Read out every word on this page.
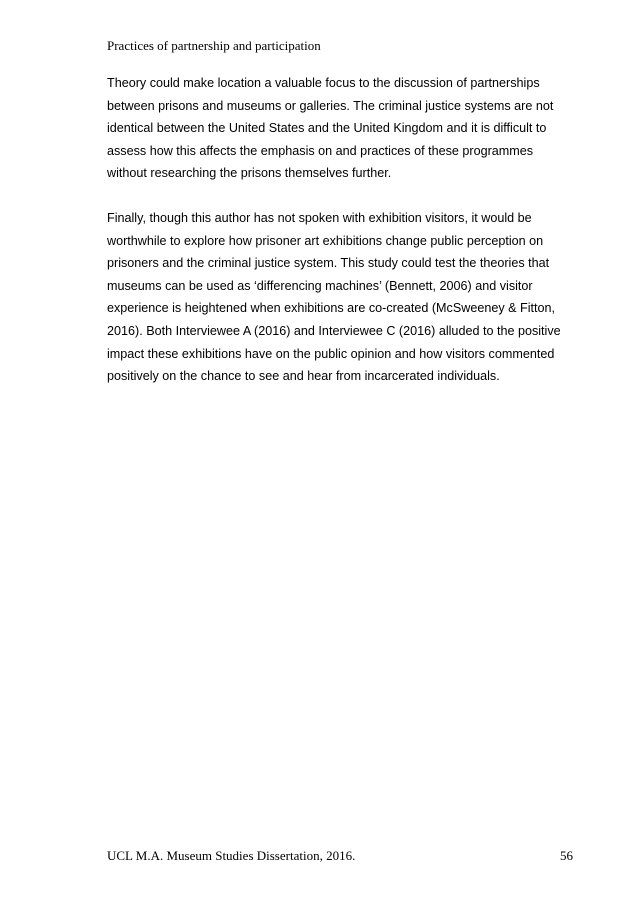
Practices of partnership and participation

Theory could make location a valuable focus to the discussion of partnerships
between prisons and museums or galleries. The criminal justice systems are not
identical between the United States and the United Kingdom and it is difficult to
assess how this affects the emphasis on and practices of these programmes
without researching the prisons themselves further.

Finally, though this author has not spoken with exhibition visitors, it would be
worthwhile to explore how prisoner art exhibitions change public perception on
prisoners and the criminal justice system. This study could test the theories that
museums can be used as ‘differencing machines’ (Bennett, 2006) and visitor
experience is heightened when exhibitions are co-created (McSweeney & Fitton,
2016). Both Interviewee A (2016) and Interviewee C (2016) alluded to the positive
impact these exhibitions have on the public opinion and how visitors commented
positively on the chance to see and hear from incarcerated individuals.

UCL M.A. Museum Studies Dissertation, 2016.	56
